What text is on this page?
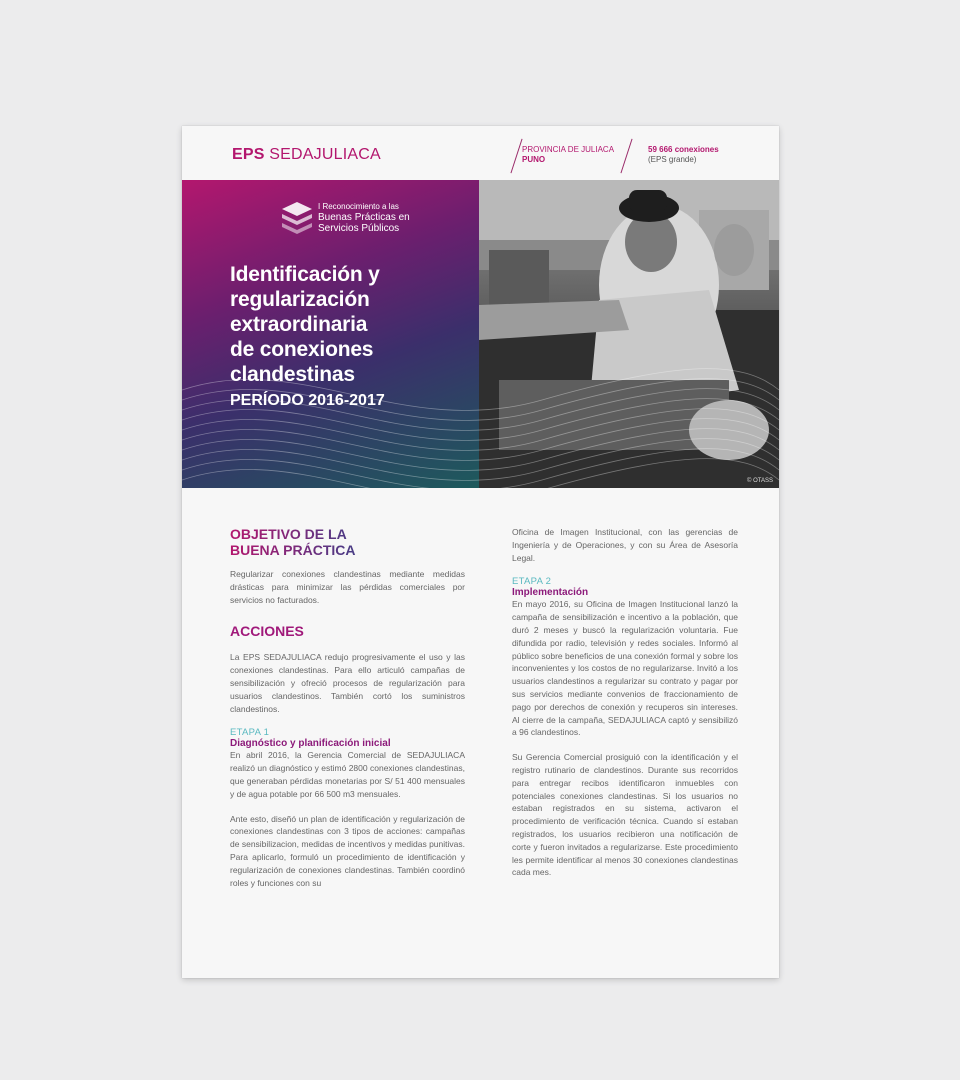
EPS SEDAJULIACA	PROVINCIA DE JULIACA
PUNO
59 666 conexiones
(EPS grande)
I Reconocimiento a las
Buenas Prácticas en
Servicios Públicos
Identificación y
regularización
extraordinaria
de conexiones
clandestinas
PERÍODO 2016-2017
© OTASS
OBJETIVO DE LA
BUENA PRÁCTICA

Regularizar conexiones clandestinas mediante medidas drásticas para minimizar las pérdidas comerciales por servicios no facturados.

ACCIONES

La EPS SEDAJULIACA redujo progresivamente el uso y las conexiones clandestinas. Para ello articuló campañas de sensibilización y ofreció procesos de regularización para usuarios clandestinos. También cortó los suministros clandestinos.

ETAPA 1

Diagnóstico y planificación inicial

En abril 2016, la Gerencia Comercial de SEDAJULIACA realizó un diagnóstico y estimó 2800 conexiones clandestinas, que generaban pérdidas monetarias por S/ 51 400 mensuales y de agua potable por 66 500 m3 mensuales.

Ante esto, diseñó un plan de identificación y regularización de conexiones clandestinas con 3 tipos de acciones: campañas de sensibilizacion, medidas de incentivos y medidas punitivas. Para aplicarlo, formuló un procedimiento de identificación y regularización de conexiones clandestinas. También coordinó roles y funciones con su

Oficina de Imagen Institucional, con las gerencias de Ingeniería y de Operaciones, y con su Área de Asesoría Legal.

ETAPA 2

Implementación

En mayo 2016, su Oficina de Imagen Institucional lanzó la campaña de sensibilización e incentivo a la población, que duró 2 meses y buscó la regularización voluntaria. Fue difundida por radio, televisión y redes sociales. Informó al público sobre beneficios de una conexión formal y sobre los inconvenientes y los costos de no regularizarse. Invitó a los usuarios clandestinos a regularizar su contrato y pagar por sus servicios mediante convenios de fraccionamiento de pago por derechos de conexión y recuperos sin intereses. Al cierre de la campaña, SEDAJULIACA captó y sensibilizó a 96 clandestinos.

Su Gerencia Comercial prosiguió con la identificación y el registro rutinario de clandestinos. Durante sus recorridos para entregar recibos identificaron inmuebles con potenciales conexiones clandestinas. Si los usuarios no estaban registrados en su sistema, activaron el procedimiento de verificación técnica. Cuando sí estaban registrados, los usuarios recibieron una notificación de corte y fueron invitados a regularizarse. Este procedimiento les permite identificar al menos 30 conexiones clandestinas cada mes.
